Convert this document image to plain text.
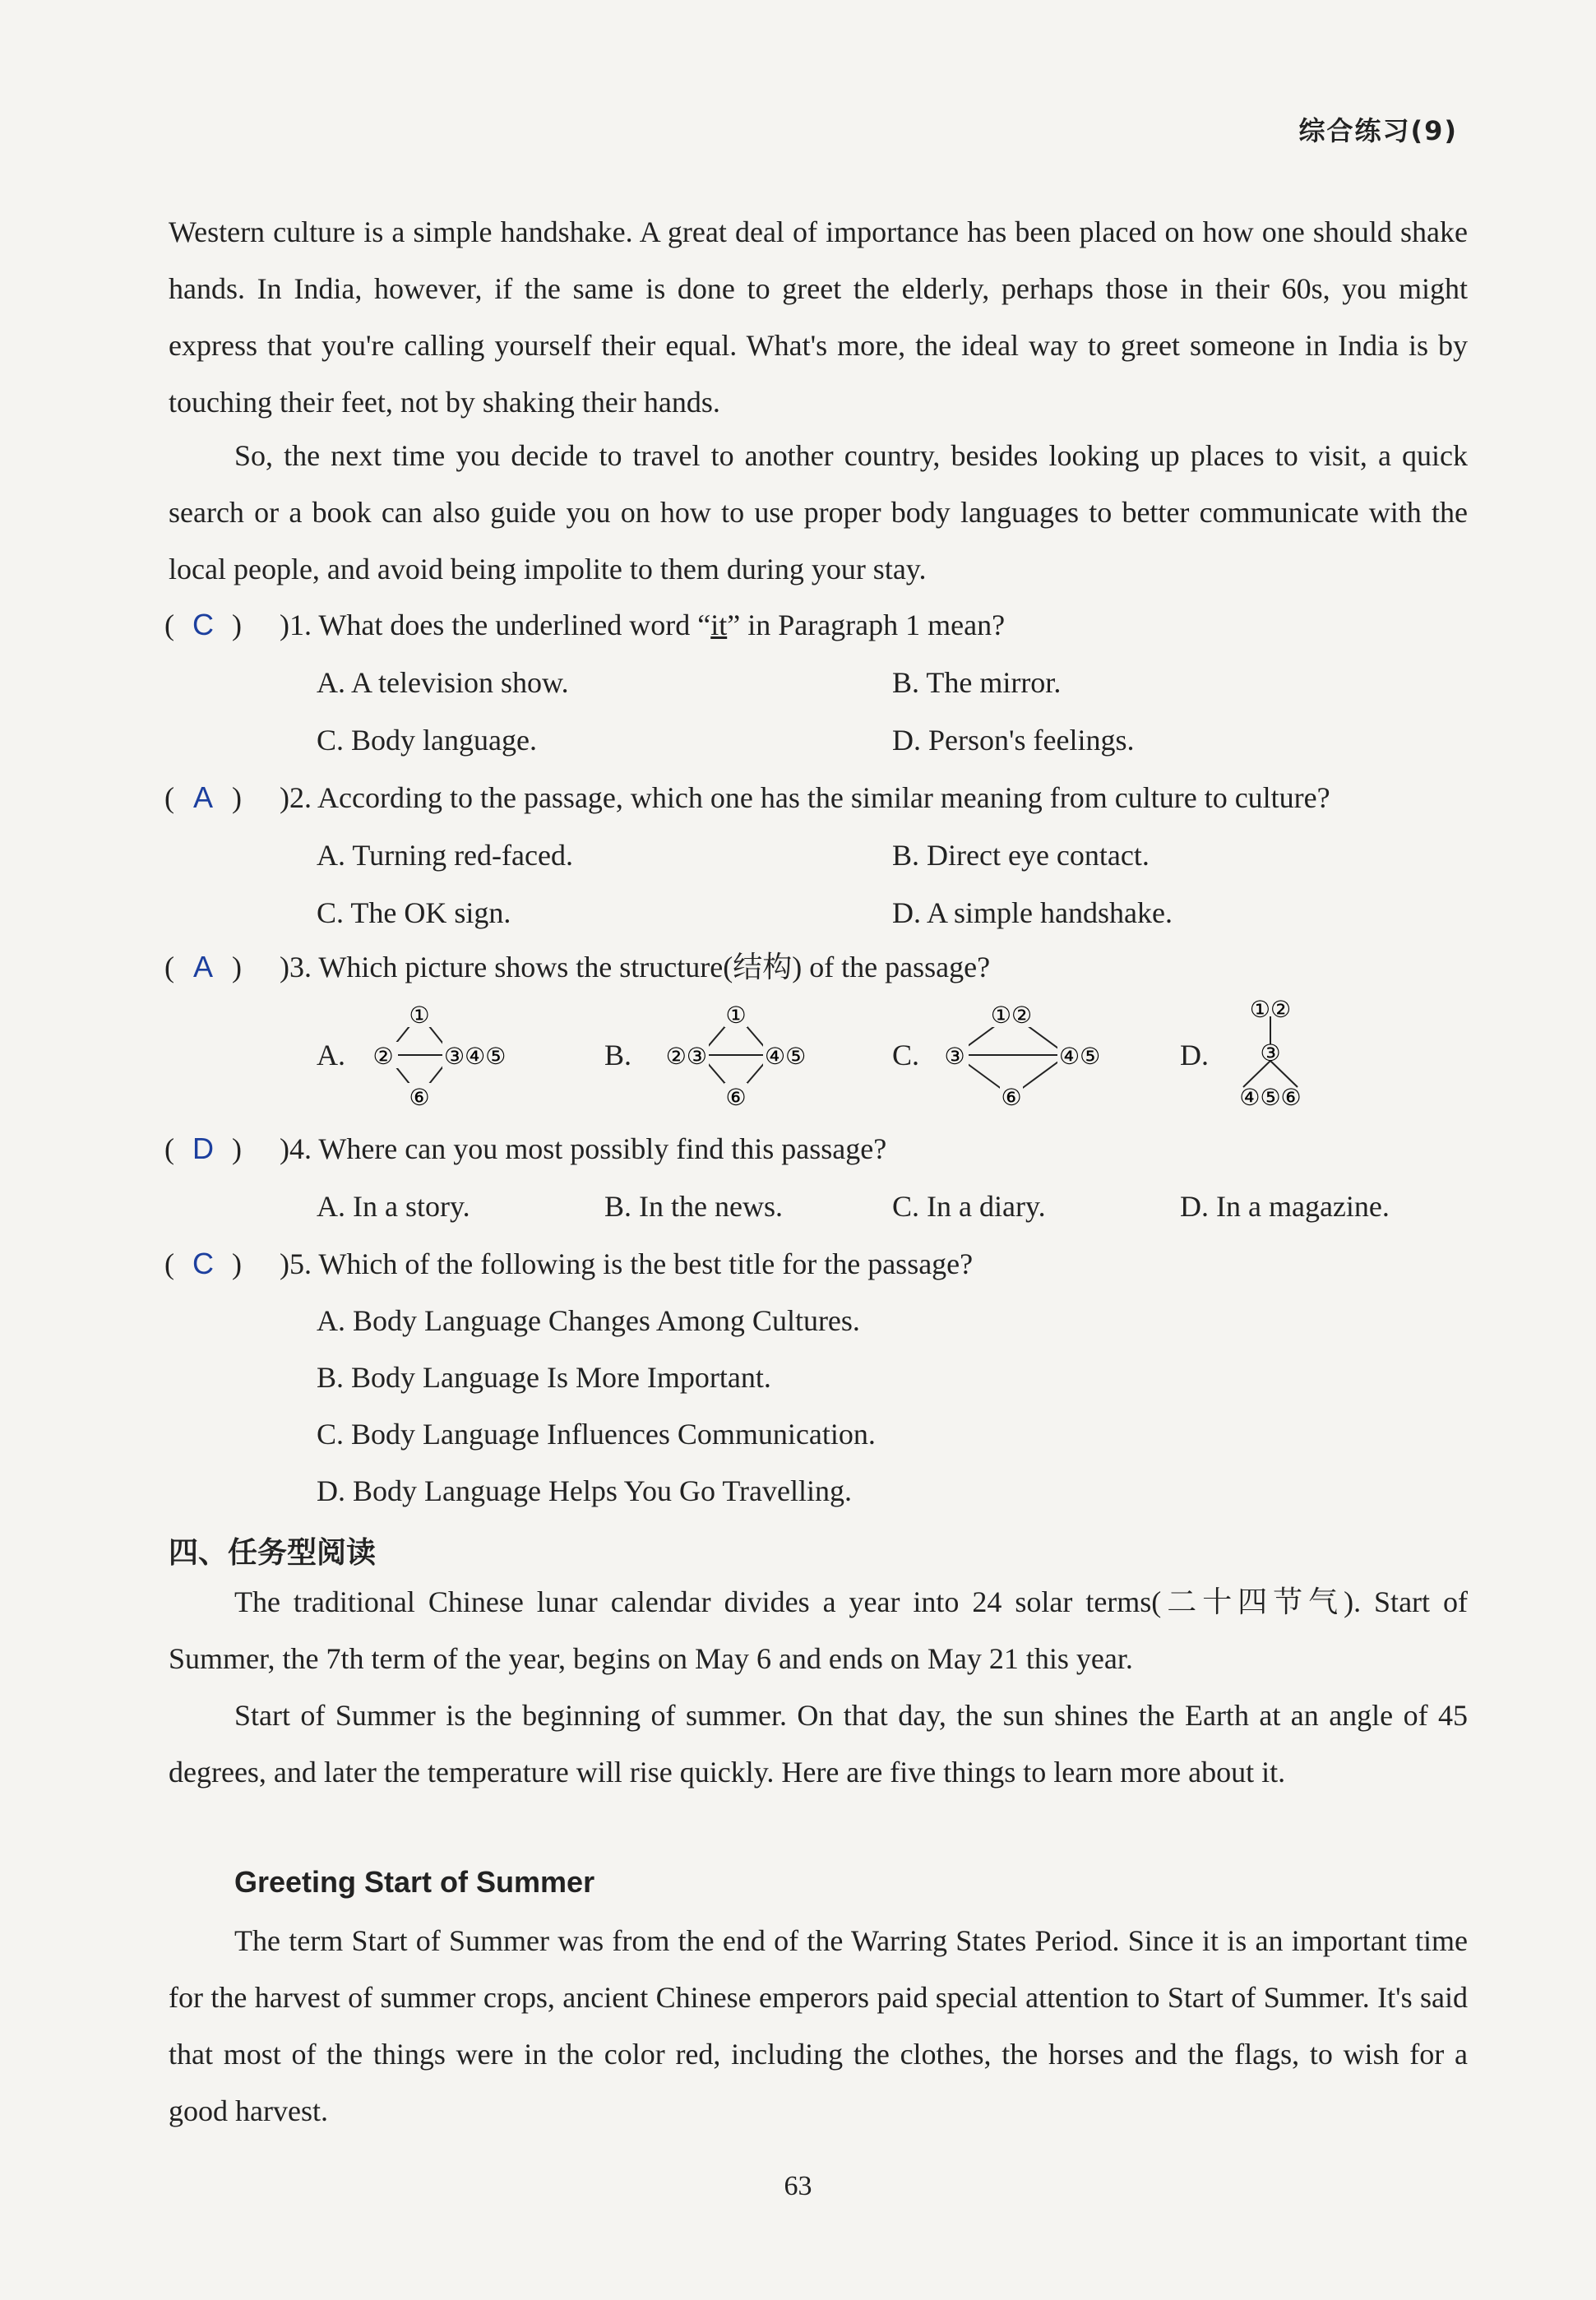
综合练习(9)
Western culture is a simple handshake. A great deal of importance has been placed on how one should shake hands. In India, however, if the same is done to greet the elderly, perhaps those in their 60s, you might express that you're calling yourself their equal. What's more, the ideal way to greet someone in India is by touching their feet, not by shaking their hands.
So, the next time you decide to travel to another country, besides looking up places to visit, a quick search or a book can also guide you on how to use proper body languages to better communicate with the local people, and avoid being impolite to them during your stay.
( C ) )1. What does the underlined word “it” in Paragraph 1 mean?
A. A television show.	B. The mirror.
C. Body language.	D. Person's feelings.
( A ) )2. According to the passage, which one has the similar meaning from culture to culture?
A. Turning red-faced.	B. Direct eye contact.
C. The OK sign.	D. A simple handshake.
( A ) )3. Which picture shows the structure(结构) of the passage?
A.
①
② ③④⑤
⑥
B.
①
②③	④⑤
⑥
C.
①②
③	④⑤
⑥
D.
①②
③
④⑤⑥
( D ) )4. Where can you most possibly find this passage?
A. In a story.	B. In the news.	C. In a diary.	D. In a magazine.
( C ) )5. Which of the following is the best title for the passage?
A. Body Language Changes Among Cultures.
B. Body Language Is More Important.
C. Body Language Influences Communication.
D. Body Language Helps You Go Travelling.
四、任务型阅读
The traditional Chinese lunar calendar divides a year into 24 solar terms(二十四节气). Start of Summer, the 7th term of the year, begins on May 6 and ends on May 21 this year.
Start of Summer is the beginning of summer. On that day, the sun shines the Earth at an angle of 45 degrees, and later the temperature will rise quickly. Here are five things to learn more about it.
Greeting Start of Summer
The term Start of Summer was from the end of the Warring States Period. Since it is an important time for the harvest of summer crops, ancient Chinese emperors paid special attention to Start of Summer. It's said that most of the things were in the color red, including the clothes, the horses and the flags, to wish for a good harvest.
63
